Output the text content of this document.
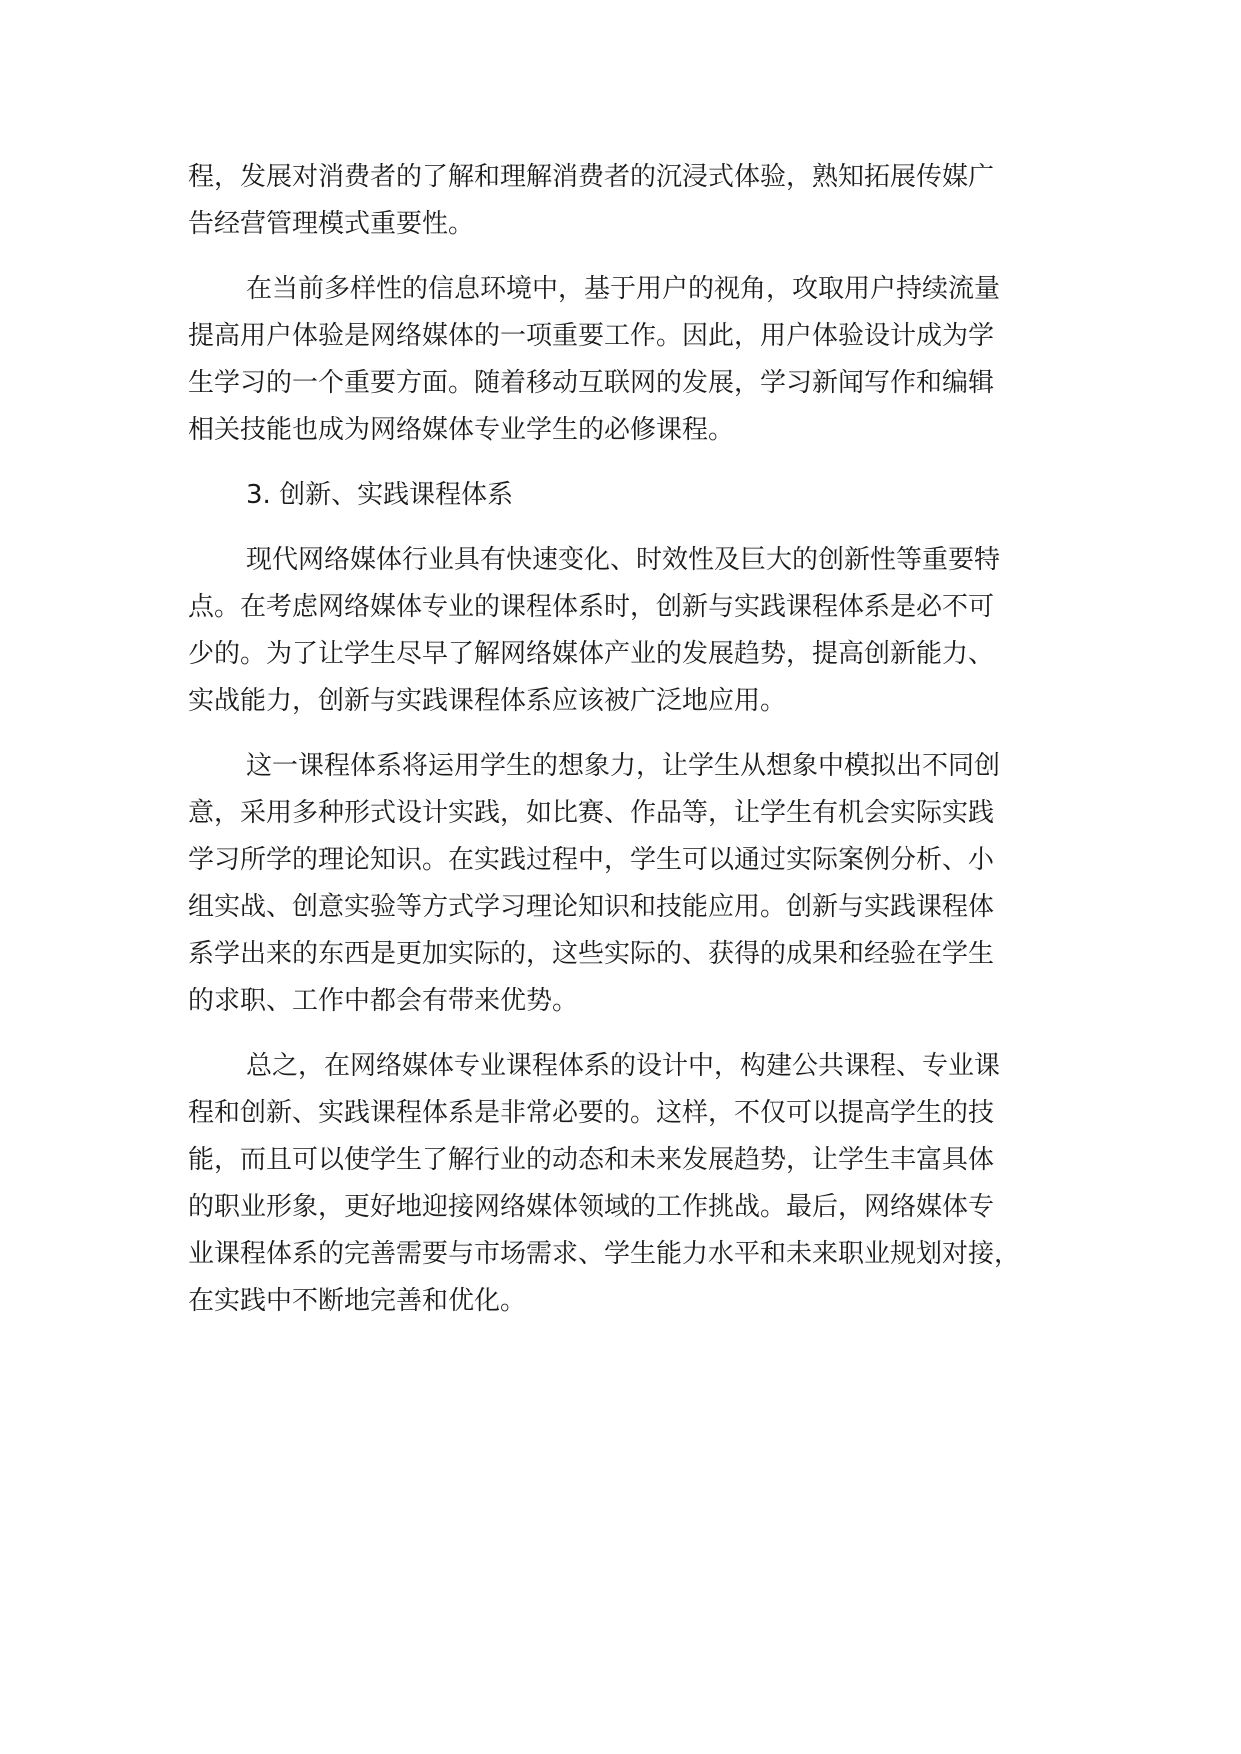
程，发展对消费者的了解和理解消费者的沉浸式体验，熟知拓展传媒广
告经营管理模式重要性。

在当前多样性的信息环境中，基于用户的视角，攻取用户持续流量
提高用户体验是网络媒体的一项重要工作。因此，用户体验设计成为学
生学习的一个重要方面。随着移动互联网的发展，学习新闻写作和编辑
相关技能也成为网络媒体专业学生的必修课程。

3. 创新、实践课程体系

现代网络媒体行业具有快速变化、时效性及巨大的创新性等重要特
点。在考虑网络媒体专业的课程体系时，创新与实践课程体系是必不可
少的。为了让学生尽早了解网络媒体产业的发展趋势，提高创新能力、
实战能力，创新与实践课程体系应该被广泛地应用。

这一课程体系将运用学生的想象力，让学生从想象中模拟出不同创
意，采用多种形式设计实践，如比赛、作品等，让学生有机会实际实践
学习所学的理论知识。在实践过程中，学生可以通过实际案例分析、小
组实战、创意实验等方式学习理论知识和技能应用。创新与实践课程体
系学出来的东西是更加实际的，这些实际的、获得的成果和经验在学生
的求职、工作中都会有带来优势。

总之，在网络媒体专业课程体系的设计中，构建公共课程、专业课
程和创新、实践课程体系是非常必要的。这样，不仅可以提高学生的技
能，而且可以使学生了解行业的动态和未来发展趋势，让学生丰富具体
的职业形象，更好地迎接网络媒体领域的工作挑战。最后，网络媒体专
业课程体系的完善需要与市场需求、学生能力水平和未来职业规划对接，
在实践中不断地完善和优化。
